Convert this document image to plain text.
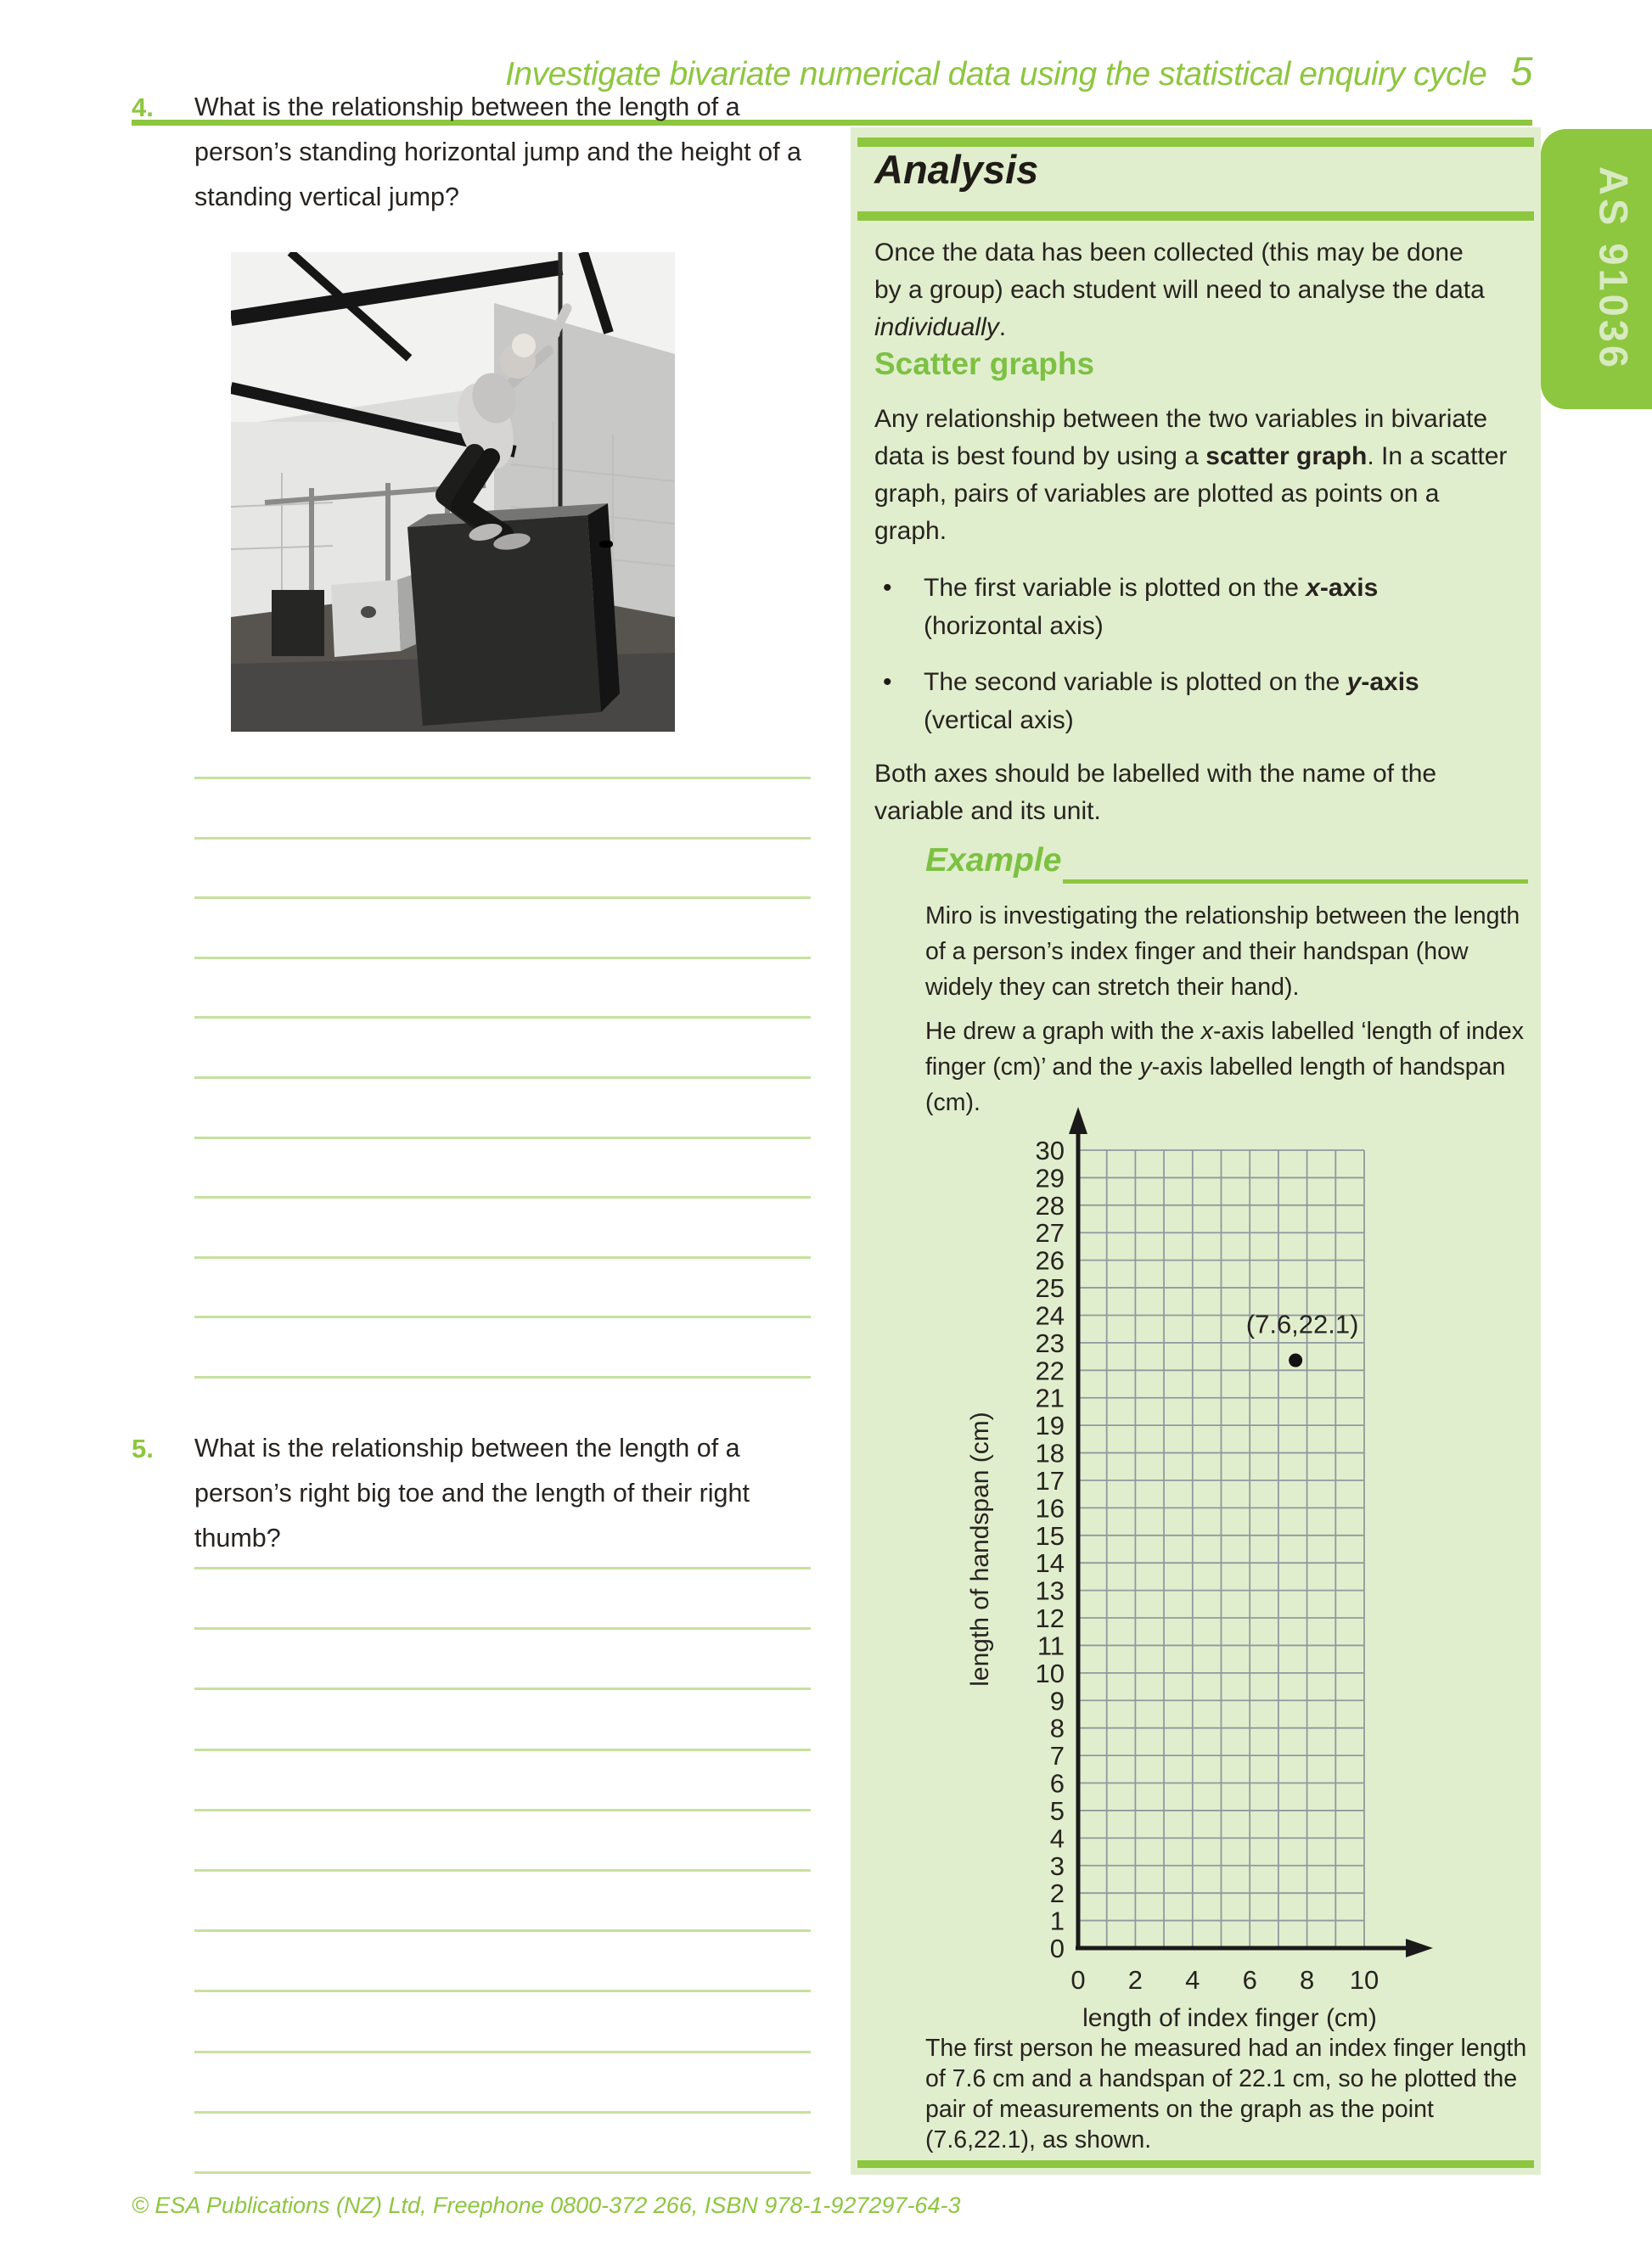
Investigate bivariate numerical data using the statistical enquiry cycle 5
4.	What is the relationship between the length of a person’s standing horizontal jump and the height of a standing vertical jump?
5.	What is the relationship between the length of a person’s right big toe and the length of their right thumb?
© ESA Publications (NZ) Ltd, Freephone 0800-372 266, ISBN 978-1-927297-64-3
Analysis
Once the data has been collected (this may be done by a group) each student will need to analyse the data individually.
Scatter graphs
Any relationship between the two variables in bivariate data is best found by using a scatter graph. In a scatter graph, pairs of variables are plotted as points on a graph.
The first variable is plotted on the x-axis (horizontal axis)
The second variable is plotted on the y-axis (vertical axis)
Both axes should be labelled with the name of the variable and its unit.
Example
Miro is investigating the relationship between the length of a person’s index finger and their handspan (how widely they can stretch their hand).
He drew a graph with the x-axis labelled ‘length of index finger (cm)’ and the y-axis labelled length of handspan (cm).
30
29
28
27
26
25
24
23
22
21
19
18
17
16
15
14
13
12
11
10
9
8
7
6
5
4
3
2
1
0
0 2 4 6 8 10
length of index finger (cm)
length of handspan (cm)
(7.6,22.1)
The first person he measured had an index finger length of 7.6 cm and a handspan of 22.1 cm, so he plotted the pair of measurements on the graph as the point (7.6,22.1), as shown.
AS 91036
